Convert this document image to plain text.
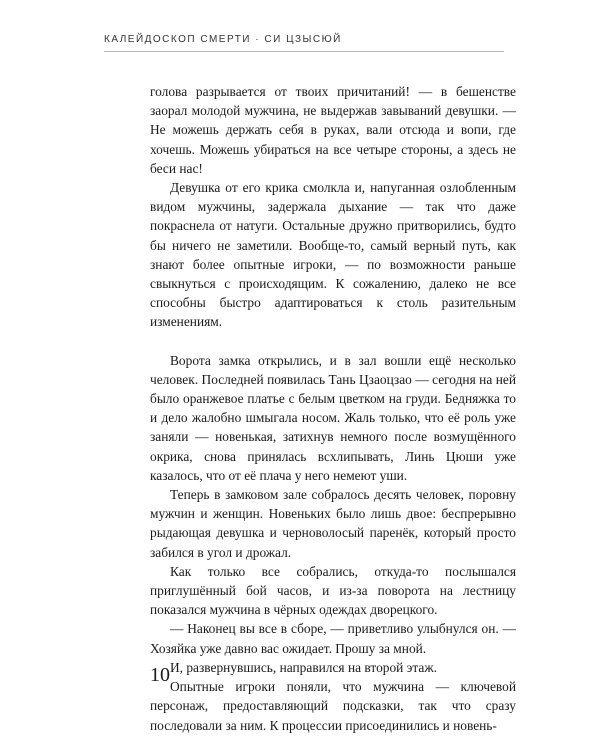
КАЛЕЙДОСКОП СМЕРТИ · СИ ЦЗЫСЮЙ

голова разрывается от твоих причитаний! — в бешенстве заорал молодой мужчина, не выдержав завываний девушки. — Не можешь держать себя в руках, вали отсюда и вопи, где хочешь. Можешь убираться на все четыре стороны, а здесь не беси нас!

Девушка от его крика смолкла и, напуганная озлобленным видом мужчины, задержала дыхание — так что даже покраснела от натуги. Остальные дружно притворились, будто бы ничего не заметили. Вообще-то, самый верный путь, как знают более опытные игроки, — по возможности раньше свыкнуться с происходящим. К сожалению, далеко не все способны быстро адаптироваться к столь разительным изменениям.

Ворота замка открылись, и в зал вошли ещё несколько человек. Последней появилась Тань Цзаоцзао — сегодня на ней было оранжевое платье с белым цветком на груди. Бедняжка то и дело жалобно шмыгала носом. Жаль только, что её роль уже заняли — новенькая, затихнув немного после возмущённого окрика, снова принялась всхлипывать, Линь Цюши уже казалось, что от её плача у него немеют уши.

Теперь в замковом зале собралось десять человек, поровну мужчин и женщин. Новеньких было лишь двое: беспрерывно рыдающая девушка и черноволосый паренёк, который просто забился в угол и дрожал.

Как только все собрались, откуда-то послышался приглушённый бой часов, и из-за поворота на лестницу показался мужчина в чёрных одеждах дворецкого.

— Наконец вы все в сборе, — приветливо улыбнулся он. — Хозяйка уже давно вас ожидает. Прошу за мной.

И, развернувшись, направился на второй этаж.

Опытные игроки поняли, что мужчина — ключевой персонаж, предоставляющий подсказки, так что сразу последовали за ним. К процессии присоединились и новень-

10
